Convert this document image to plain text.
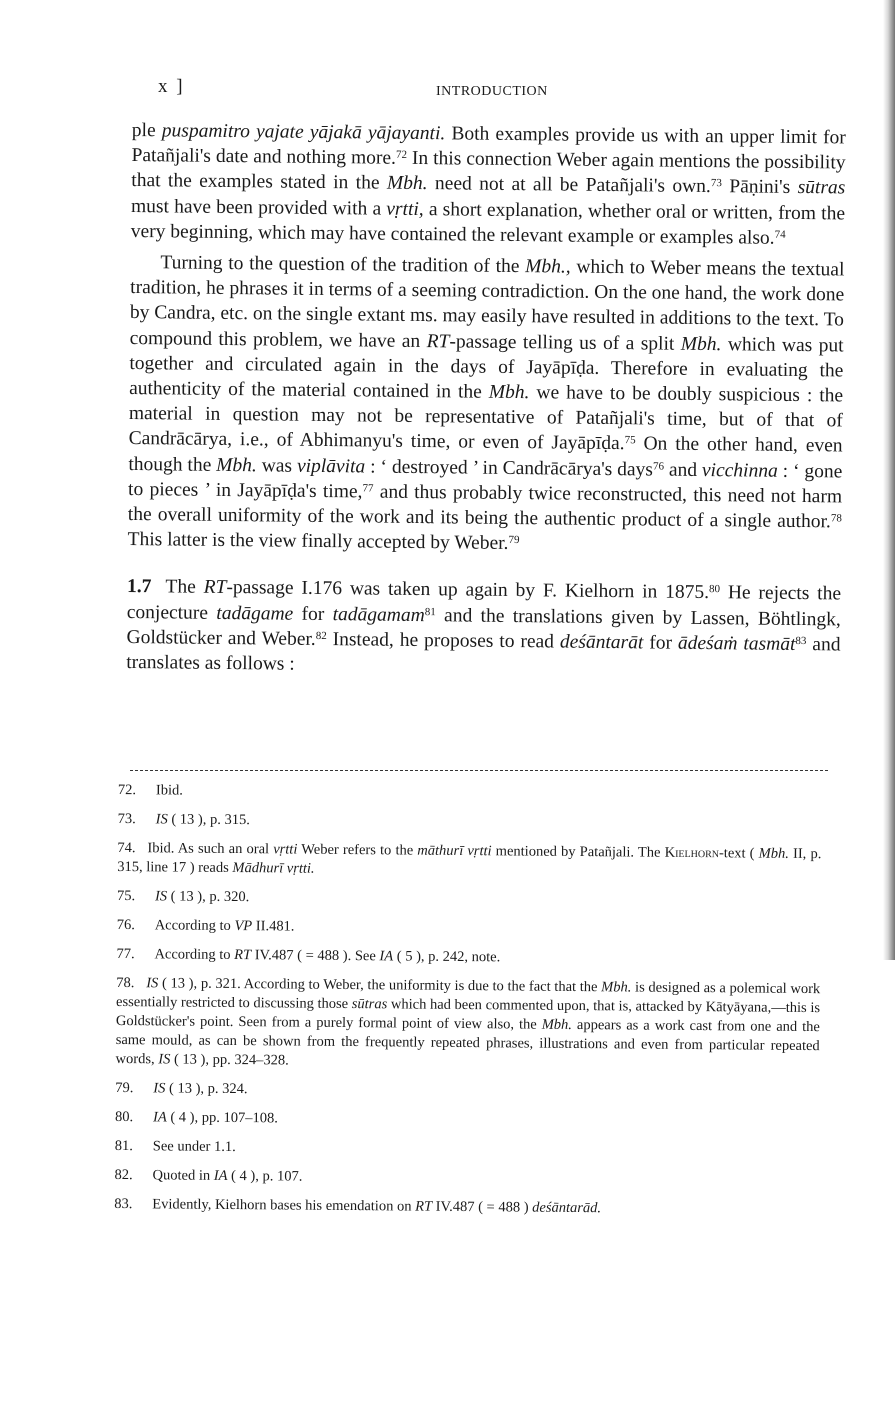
x ]	INTRODUCTION

ple puspamitro yajate yājakā yājayanti. Both examples provide us with an upper limit for Patañjali's date and nothing more.$^{72}$ In this connection Weber again mentions the possibility that the examples stated in the Mbh. need not at all be Patañjali's own.$^{73}$ Pāṇini's sūtras must have been provided with a vṛtti, a short explanation, whether oral or written, from the very beginning, which may have contained the relevant example or examples also.$^{74}$

Turning to the question of the tradition of the Mbh., which to Weber means the textual tradition, he phrases it in terms of a seeming contradiction. On the one hand, the work done by Candra, etc. on the single extant ms. may easily have resulted in additions to the text. To compound this problem, we have an RT-passage telling us of a split Mbh. which was put together and circulated again in the days of Jayāpīḍa. Therefore in evaluating the authenticity of the material contained in the Mbh. we have to be doubly suspicious : the material in question may not be representative of Patañjali's time, but of that of Candrācārya, i.e., of Abhimanyu's time, or even of Jayāpīḍa.$^{75}$ On the other hand, even though the Mbh. was viplāvita : ‘ destroyed ’ in Candrācārya's days$^{76}$ and vicchinna : ‘ gone to pieces ’ in Jayāpīḍa's time,$^{77}$ and thus probably twice reconstructed, this need not harm the overall uniformity of the work and its being the authentic product of a single author.$^{78}$ This latter is the view finally accepted by Weber.$^{79}$

1.7 The RT-passage I.176 was taken up again by F. Kielhorn in 1875.80 He rejects the conjecture tadāgame for tadāgamam$^{81}$ and the translations given by Lassen, Böhtlingk, Goldstücker and Weber.$^{82}$ Instead, he proposes to read deśāntarāt for ādeśaṁ tasmāt$^{83}$ and translates as follows :

72. Ibid.
73. IS ( 13 ), p. 315.
74. Ibid. As such an oral vṛtti Weber refers to the māthurī vṛtti mentioned by Patañjali. The Kielhorn-text ( Mbh. II, p. 315, line 17 ) reads Mādhurī vṛtti.
75. IS ( 13 ), p. 320.
76. According to VP II.481.
77. According to RT IV.487 ( = 488 ). See IA ( 5 ), p. 242, note.
78. IS ( 13 ), p. 321. According to Weber, the uniformity is due to the fact that the Mbh. is designed as a polemical work essentially restricted to discussing those sūtras which had been commented upon, that is, attacked by Kātyāyana,—this is Goldstücker's point. Seen from a purely formal point of view also, the Mbh. appears as a work cast from one and the same mould, as can be shown from the frequently repeated phrases, illustrations and even from particular repeated words, IS ( 13 ), pp. 324–328.
79. IS ( 13 ), p. 324.
80. IA ( 4 ), pp. 107–108.
81. See under 1.1.
82. Quoted in IA ( 4 ), p. 107.
83. Evidently, Kielhorn bases his emendation on RT IV.487 ( = 488 ) deśāntarād.
